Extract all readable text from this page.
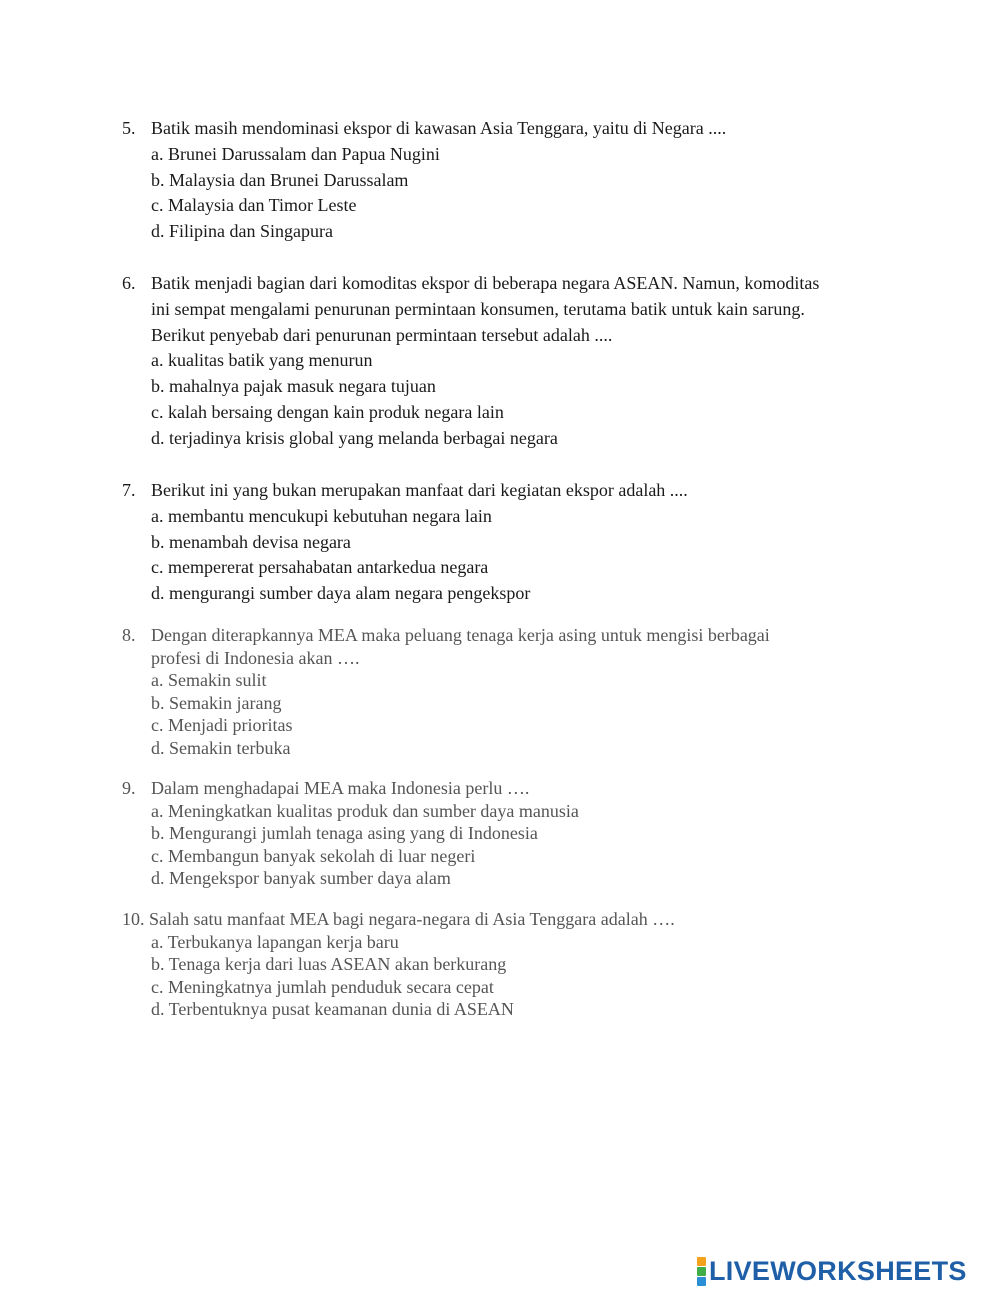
5. Batik masih mendominasi ekspor di kawasan Asia Tenggara, yaitu di Negara ....
a. Brunei Darussalam dan Papua Nugini
b. Malaysia dan Brunei Darussalam
c. Malaysia dan Timor Leste
d. Filipina dan Singapura
6. Batik menjadi bagian dari komoditas ekspor di beberapa negara ASEAN. Namun, komoditas
ini sempat mengalami penurunan permintaan konsumen, terutama batik untuk kain sarung.
Berikut penyebab dari penurunan permintaan tersebut adalah ....
a. kualitas batik yang menurun
b. mahalnya pajak masuk negara tujuan
c. kalah bersaing dengan kain produk negara lain
d. terjadinya krisis global yang melanda berbagai negara
7. Berikut ini yang bukan merupakan manfaat dari kegiatan ekspor adalah ....
a. membantu mencukupi kebutuhan negara lain
b. menambah devisa negara
c. mempererat persahabatan antarkedua negara
d. mengurangi sumber daya alam negara pengekspor
8. Dengan diterapkannya MEA maka peluang tenaga kerja asing untuk mengisi berbagai
profesi di Indonesia akan ….
a. Semakin sulit
b. Semakin jarang
c. Menjadi prioritas
d. Semakin terbuka
9. Dalam menghadapai MEA maka Indonesia perlu ….
a. Meningkatkan kualitas produk dan sumber daya manusia
b. Mengurangi jumlah tenaga asing yang di Indonesia
c. Membangun banyak sekolah di luar negeri
d. Mengekspor banyak sumber daya alam
10. Salah satu manfaat MEA bagi negara-negara di Asia Tenggara adalah ….
a. Terbukanya lapangan kerja baru
b. Tenaga kerja dari luas ASEAN akan berkurang
c. Meningkatnya jumlah penduduk secara cepat
d. Terbentuknya pusat keamanan dunia di ASEAN
LIVEWORKSHEETS
